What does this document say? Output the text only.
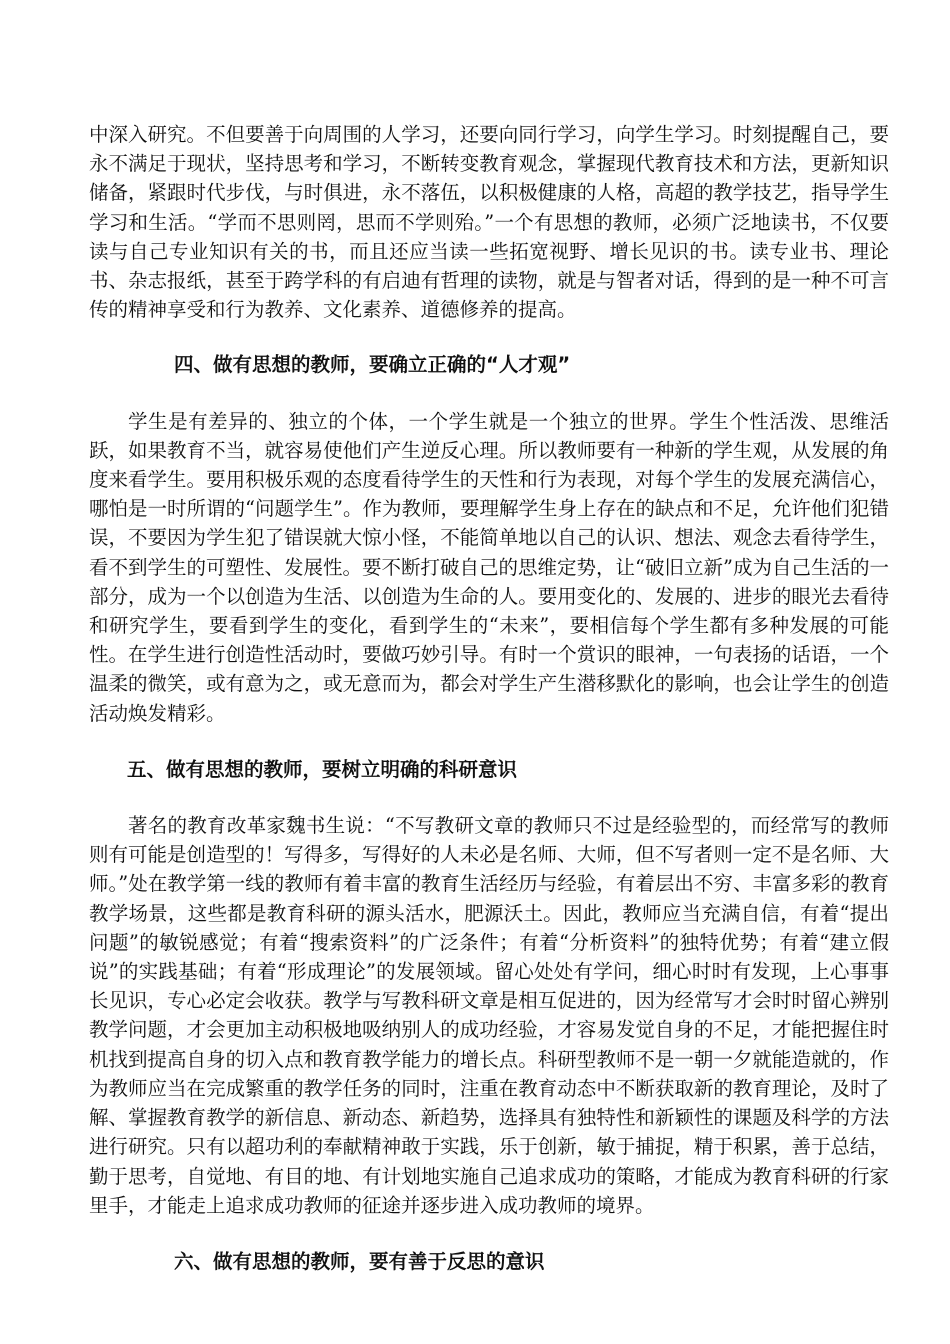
中深入研究。不但要善于向周围的人学习，还要向同行学习，向学生学习。时刻提醒自己，要永不满足于现状，坚持思考和学习，不断转变教育观念，掌握现代教育技术和方法，更新知识储备，紧跟时代步伐，与时俱进，永不落伍，以积极健康的人格，高超的教学技艺，指导学生学习和生活。“学而不思则罔，思而不学则殆。”一个有思想的教师，必须广泛地读书，不仅要读与自己专业知识有关的书，而且还应当读一些拓宽视野、增长见识的书。读专业书、理论书、杂志报纸，甚至于跨学科的有启迪有哲理的读物，就是与智者对话，得到的是一种不可言传的精神享受和行为教养、文化素养、道德修养的提高。

四、做有思想的教师，要确立正确的“人才观”

学生是有差异的、独立的个体，一个学生就是一个独立的世界。学生个性活泼、思维活跃，如果教育不当，就容易使他们产生逆反心理。所以教师要有一种新的学生观，从发展的角度来看学生。要用积极乐观的态度看待学生的天性和行为表现，对每个学生的发展充满信心，哪怕是一时所谓的“问题学生”。作为教师，要理解学生身上存在的缺点和不足，允许他们犯错误，不要因为学生犯了错误就大惊小怪，不能简单地以自己的认识、想法、观念去看待学生，看不到学生的可塑性、发展性。要不断打破自己的思维定势，让“破旧立新”成为自己生活的一部分，成为一个以创造为生活、以创造为生命的人。要用变化的、发展的、进步的眼光去看待和研究学生，要看到学生的变化，看到学生的“未来”，要相信每个学生都有多种发展的可能性。在学生进行创造性活动时，要做巧妙引导。有时一个赏识的眼神，一句表扬的话语，一个温柔的微笑，或有意为之，或无意而为，都会对学生产生潜移默化的影响，也会让学生的创造活动焕发精彩。

五、做有思想的教师，要树立明确的科研意识

著名的教育改革家魏书生说：“不写教研文章的教师只不过是经验型的，而经常写的教师则有可能是创造型的！写得多，写得好的人未必是名师、大师，但不写者则一定不是名师、大师。”处在教学第一线的教师有着丰富的教育生活经历与经验，有着层出不穷、丰富多彩的教育教学场景，这些都是教育科研的源头活水，肥源沃土。因此，教师应当充满自信，有着“提出问题”的敏锐感觉；有着“搜索资料”的广泛条件；有着“分析资料”的独特优势；有着“建立假说”的实践基础；有着“形成理论”的发展领域。留心处处有学问，细心时时有发现，上心事事长见识，专心必定会收获。教学与写教科研文章是相互促进的，因为经常写才会时时留心辨别教学问题，才会更加主动积极地吸纳别人的成功经验，才容易发觉自身的不足，才能把握住时机找到提高自身的切入点和教育教学能力的增长点。科研型教师不是一朝一夕就能造就的，作为教师应当在完成繁重的教学任务的同时，注重在教育动态中不断获取新的教育理论，及时了解、掌握教育教学的新信息、新动态、新趋势，选择具有独特性和新颖性的课题及科学的方法进行研究。只有以超功利的奉献精神敢于实践，乐于创新，敏于捕捉，精于积累，善于总结，勤于思考，自觉地、有目的地、有计划地实施自己追求成功的策略，才能成为教育科研的行家里手，才能走上追求成功教师的征途并逐步进入成功教师的境界。

六、做有思想的教师，要有善于反思的意识
